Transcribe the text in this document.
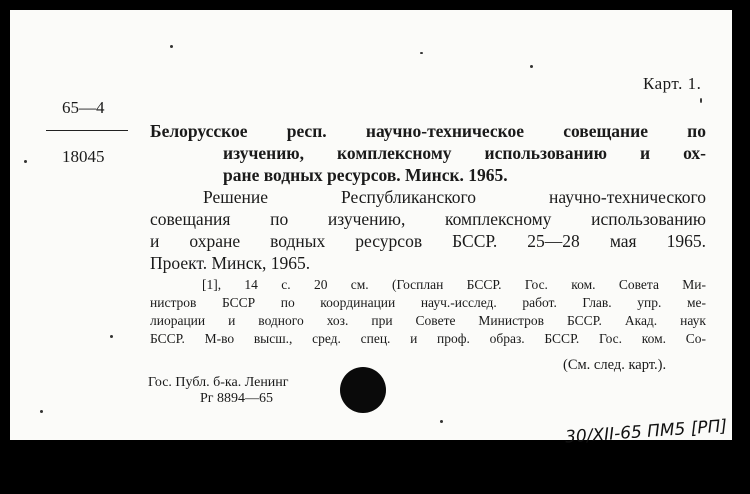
Карт. 1.
65—4
18045
Белорусское респ. научно-техническое совещание по
изучению, комплексному использованию и ох-
ране водных ресурсов. Минск. 1965.
Решение Республиканского научно-технического
совещания по изучению, комплексному использованию
и охране водных ресурсов БССР. 25—28 мая 1965.
Проект. Минск, 1965.
[1], 14 с. 20 см. (Госплан БССР. Гос. ком. Совета Ми-
нистров БССР по координации науч.-исслед. работ. Глав. упр. ме-
лиорации и водного хоз. при Совете Министров БССР. Акад. наук
БССР. М-во высш., сред. спец. и проф. образ. БССР. Гос. ком. Со-
(См. след. карт.).
Гос. Публ. б-ка. Ленинг
Рг 8894—65
30/XII-65 ПМ5 [РП]
